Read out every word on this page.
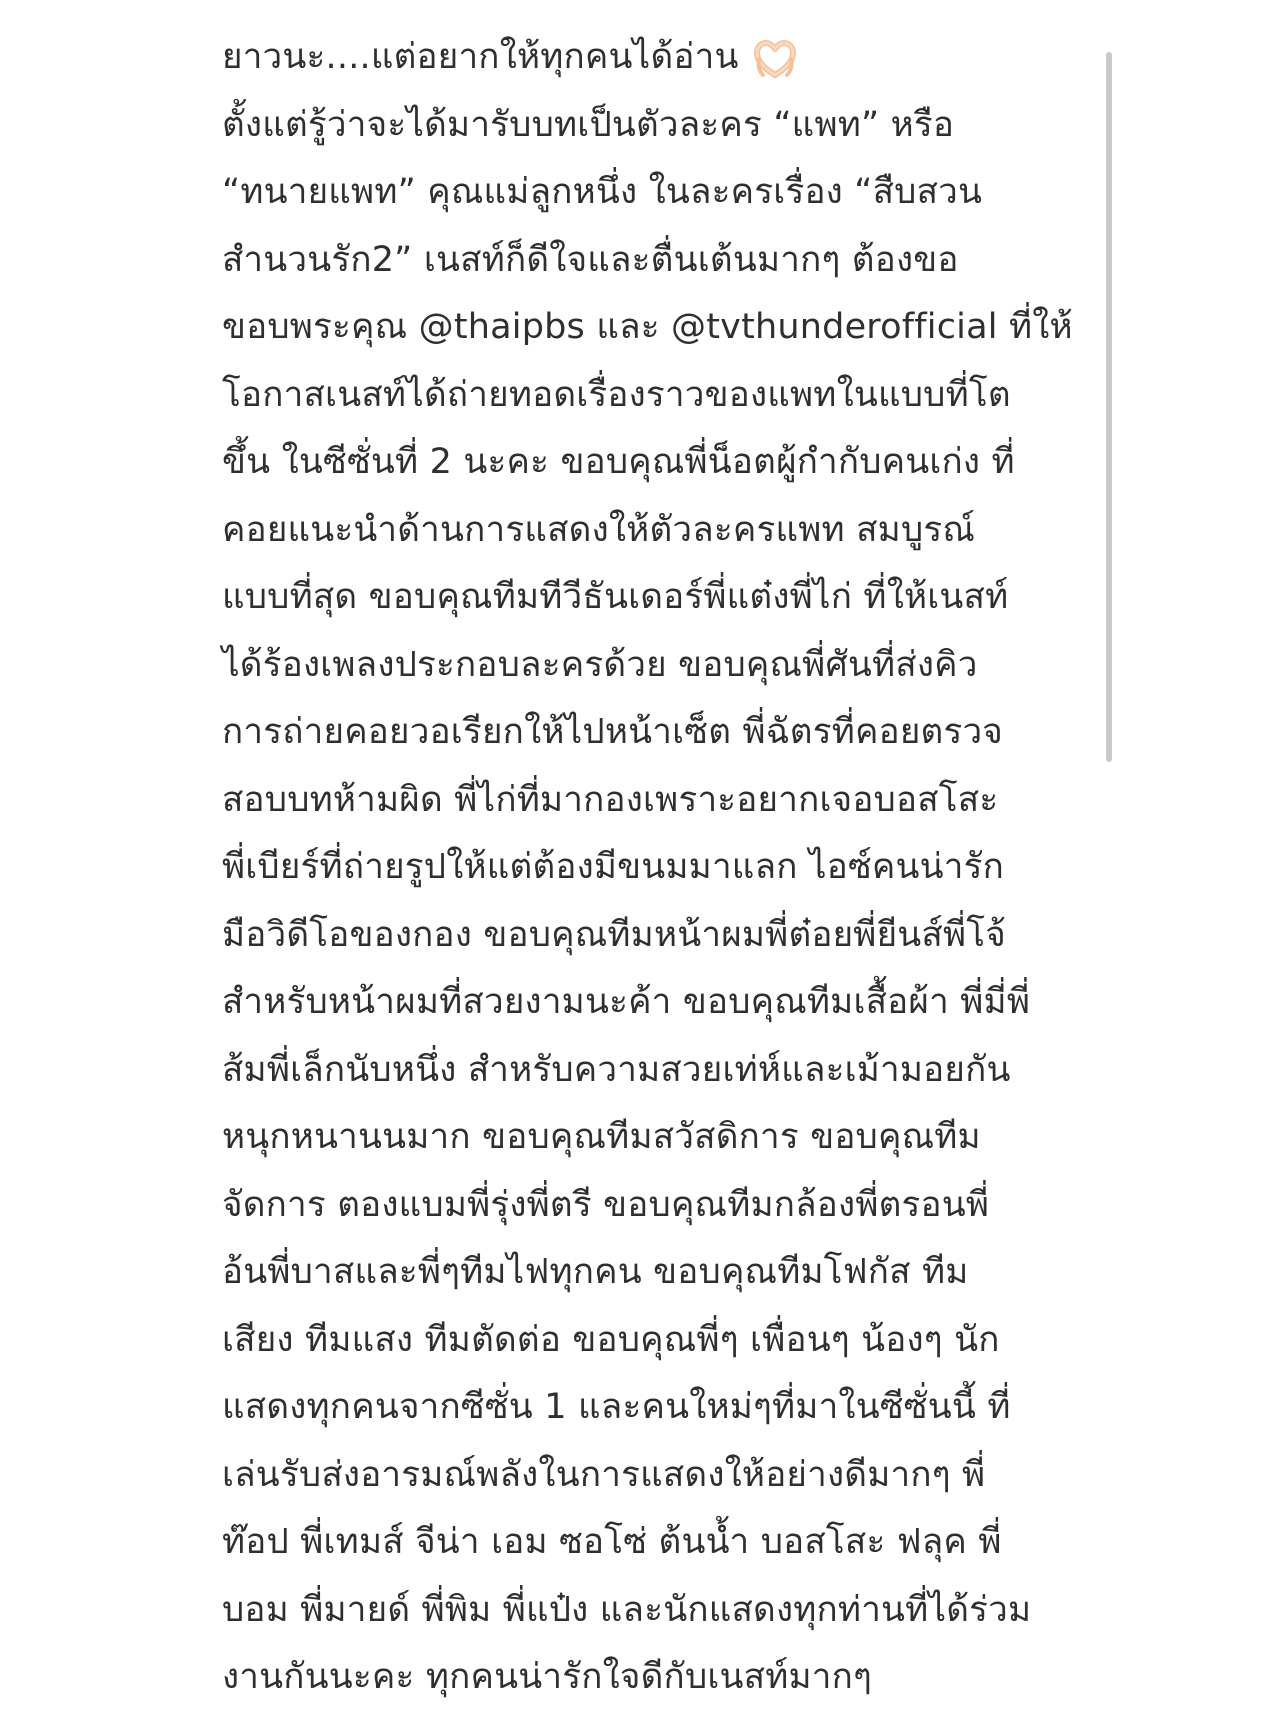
ยาวนะ....แต่อยากให้ทุกคนได้อ่าน
ตั้งแต่รู้ว่าจะได้มารับบทเป็นตัวละคร “แพท” หรือ
“ทนายแพท” คุณแม่ลูกหนึ่ง ในละครเรื่อง “สืบสวน
สำนวนรัก2” เนสท์ก็ดีใจและตื่นเต้นมากๆ ต้องขอ
ขอบพระคุณ @thaipbs และ @tvthunderofficial ที่ให้
โอกาสเนสท์ได้ถ่ายทอดเรื่องราวของแพทในแบบที่โต
ขึ้น ในซีซั่นที่ 2 นะคะ ขอบคุณพี่น็อตผู้กำกับคนเก่ง ที่
คอยแนะนำด้านการแสดงให้ตัวละครแพท สมบูรณ์
แบบที่สุด ขอบคุณทีมทีวีธันเดอร์พี่แต๋งพี่ไก่ ที่ให้เนสท์
ได้ร้องเพลงประกอบละครด้วย ขอบคุณพี่ศันที่ส่งคิว
การถ่ายคอยวอเรียกให้ไปหน้าเซ็ต พี่ฉัตรที่คอยตรวจ
สอบบทห้ามผิด พี่ไก่ที่มากองเพราะอยากเจอบอสโสะ
พี่เบียร์ที่ถ่ายรูปให้แต่ต้องมีขนมมาแลก ไอซ์คนน่ารัก
มือวิดีโอของกอง ขอบคุณทีมหน้าผมพี่ต๋อยพี่ยีนส์พี่โจ้
สำหรับหน้าผมที่สวยงามนะค้า ขอบคุณทีมเสื้อผ้า พี่มี่พี่
ส้มพี่เล็กนับหนึ่ง สำหรับความสวยเท่ห์และเม้ามอยกัน
หนุกหนานนมาก ขอบคุณทีมสวัสดิการ ขอบคุณทีม
จัดการ ตองแบมพี่รุ่งพี่ตรี ขอบคุณทีมกล้องพี่ตรอนพี่
อ้นพี่บาสและพี่ๆทีมไฟทุกคน ขอบคุณทีมโฟกัส ทีม
เสียง ทีมแสง ทีมตัดต่อ ขอบคุณพี่ๆ เพื่อนๆ น้องๆ นัก
แสดงทุกคนจากซีซั่น 1 และคนใหม่ๆที่มาในซีซั่นนี้ ที่
เล่นรับส่งอารมณ์พลังในการแสดงให้อย่างดีมากๆ พี่
ท๊อป พี่เทมส์ จีน่า เอม ซอโซ่ ต้นน้ำ บอสโสะ ฟลุค พี่
บอม พี่มายด์ พี่พิม พี่แป๋ง และนักแสดงทุกท่านที่ได้ร่วม
งานกันนะคะ ทุกคนน่ารักใจดีกับเนสท์มากๆ
